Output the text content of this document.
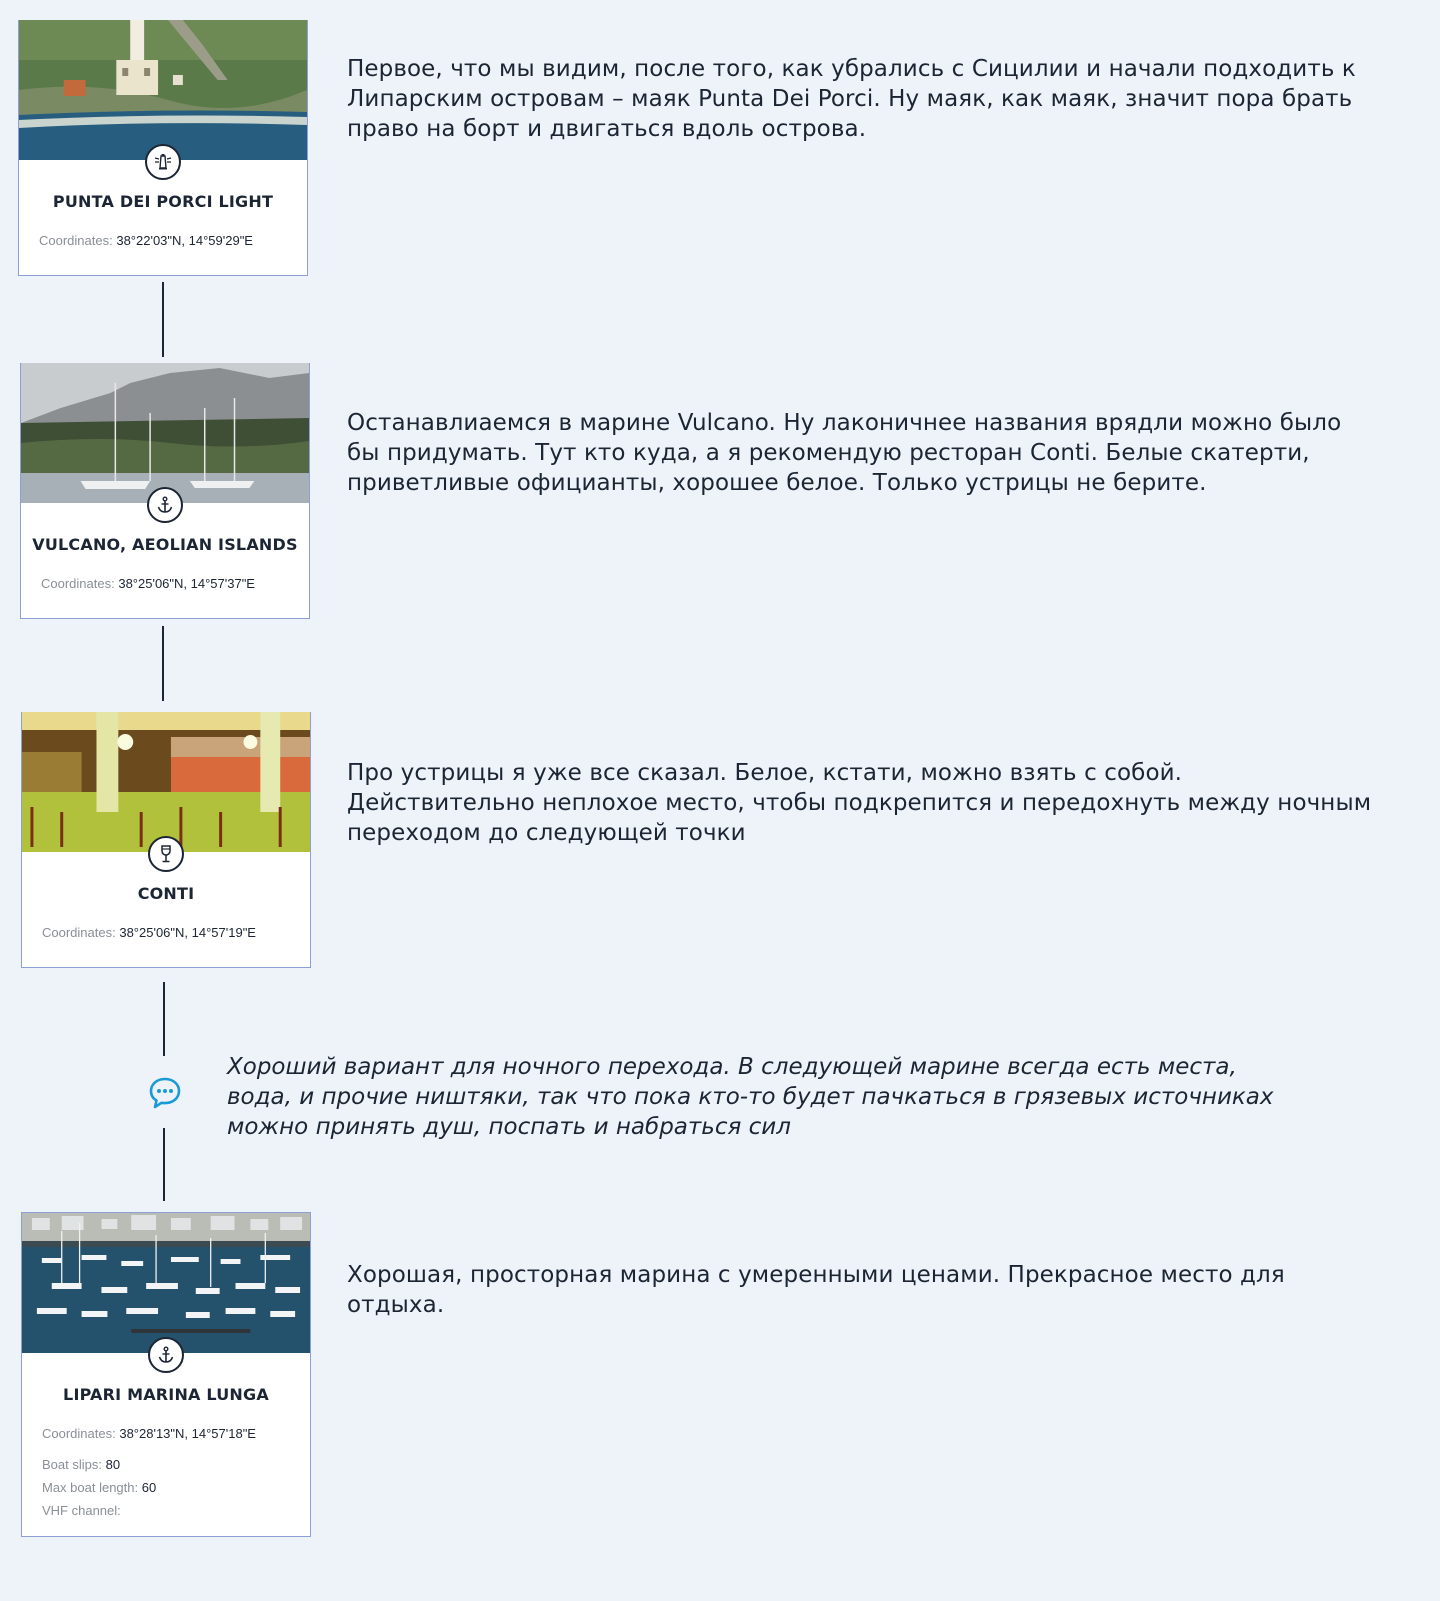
PUNTA DEI PORCI LIGHT
Coordinates: 38°22'03"N, 14°59'29"E
Первое, что мы видим, после того, как убрались с Сицилии и начали подходить к Липарским островам – маяк Punta Dei Porci. Ну маяк, как маяк, значит пора брать право на борт и двигаться вдоль острова.
VULCANO, AEOLIAN ISLANDS
Coordinates: 38°25'06"N, 14°57'37"E
Останавлиаемся в марине Vulcano. Ну лаконичнее названия врядли можно было бы придумать. Тут кто куда, а я рекомендую ресторан Conti. Белые скатерти, приветливые официанты, хорошее белое. Только устрицы не берите.
CONTI
Coordinates: 38°25'06"N, 14°57'19"E
Про устрицы я уже все сказал. Белое, кстати, можно взять с собой. Действительно неплохое место, чтобы подкрепится и передохнуть между ночным переходом до следующей точки
Хороший вариант для ночного перехода. В следующей марине всегда есть места, вода, и прочие ништяки, так что пока кто-то будет пачкаться в грязевых источниках можно принять душ, поспать и набраться сил
LIPARI MARINA LUNGA
Coordinates: 38°28'13"N, 14°57'18"E
Boat slips: 80
Max boat length: 60
VHF channel:
Хорошая, просторная марина с умеренными ценами. Прекрасное место для отдыха.
